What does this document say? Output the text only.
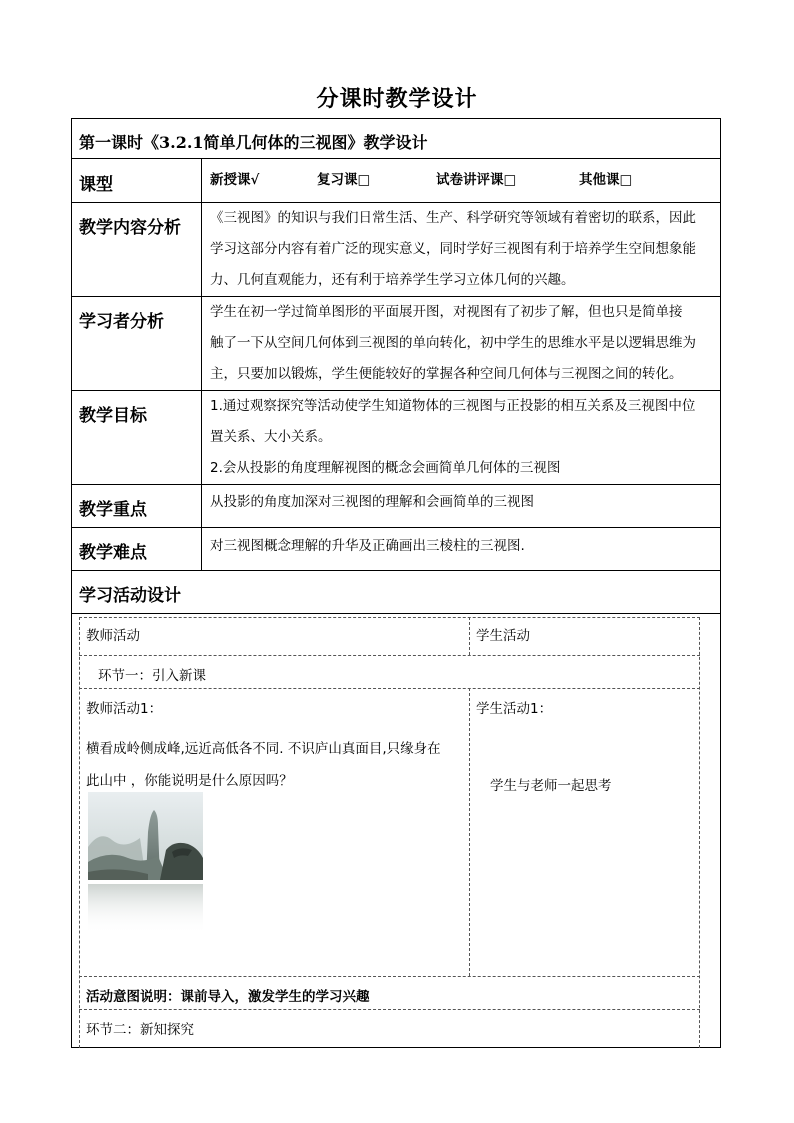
分课时教学设计
第一课时《3.2.1简单几何体的三视图》教学设计
课型	新授课√	复习课□	试卷讲评课□	其他课□
教学内容分析 《三视图》的知识与我们日常生活、生产、科学研究等领域有着密切的联系，因此
学习这部分内容有着广泛的现实意义，同时学好三视图有利于培养学生空间想象能
力、几何直观能力，还有利于培养学生学习立体几何的兴趣。
学习者分析	学生在初一学过简单图形的平面展开图，对视图有了初步了解，但也只是简单接
触了一下从空间几何体到三视图的单向转化，初中学生的思维水平是以逻辑思维为
主，只要加以锻炼，学生便能较好的掌握各种空间几何体与三视图之间的转化。
教学目标	1.通过观察探究等活动使学生知道物体的三视图与正投影的相互关系及三视图中位
置关系、大小关系。
2.会从投影的角度理解视图的概念会画简单几何体的三视图
教学重点	从投影的角度加深对三视图的理解和会画简单的三视图
教学难点	对三视图概念理解的升华及正确画出三棱柱的三视图.
学习活动设计
教师活动	学生活动
环节一：引入新课
教师活动1：
横看成岭侧成峰,远近高低各不同. 不识庐山真面目,只缘身在
此山中 ，你能说明是什么原因吗？
学生活动1：
学生与老师一起思考
活动意图说明：课前导入，激发学生的学习兴趣
环节二：新知探究
